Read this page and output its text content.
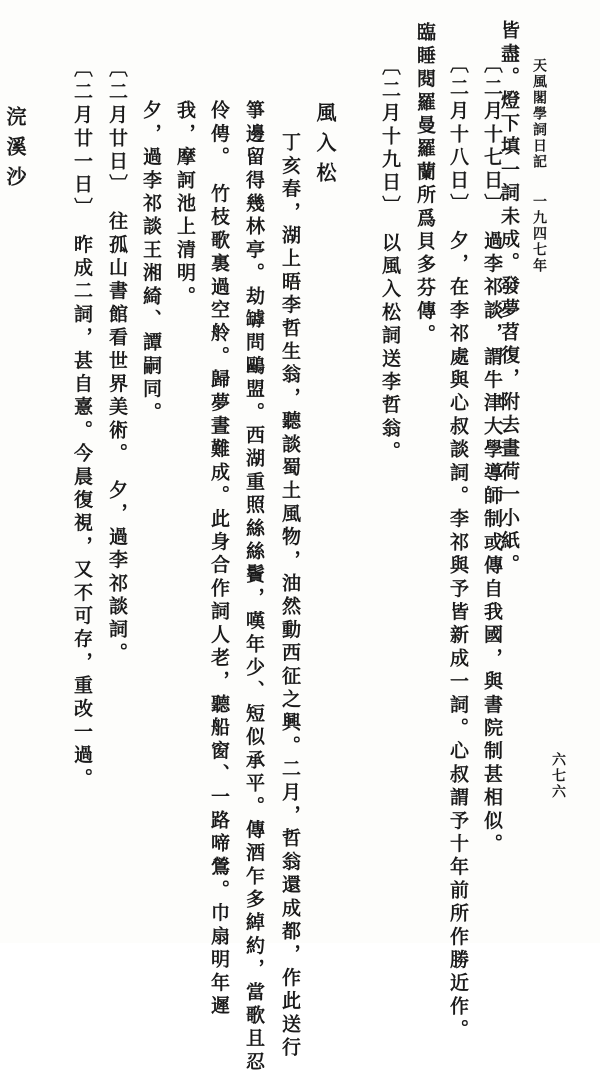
天風閣學詞日記
一九四七年
六七六
皆盡。燈下填一詞未成。發夢苕復，附去畫荷一小紙。
〔二月十七日〕　過李祁談，謂牛津大學導師制或傳自我國，與書院制甚相似。
〔二月十八日〕　夕，在李祁處與心叔談詞。李祁與予皆新成一詞。心叔謂予十年前所作勝近作。
臨睡閱羅曼羅蘭所爲貝多芬傳。
〔二月十九日〕　以風入松詞送李哲翁。
風入松
丁亥春，湖上晤李哲生翁，聽談蜀土風物，油然動西征之興。二月，哲翁還成都，作此送行
箏邊留得幾林亭。劫罅問鷗盟。西湖重照絲絲鬢，嘆年少、短似承平。傳酒乍多綽約，當歌且忍
伶俜。　竹枝歌裏過空舲。歸夢晝難成。此身合作詞人老，聽船窗、一路啼鶯。巾扇明年遲
我，摩訶池上清明。
夕，過李祁談王湘綺、譚嗣同。
〔二月廿日〕　往孤山書館看世界美術。　夕，過李祁談詞。
〔二月廿一日〕　昨成二詞，甚自憙。今晨復視，又不可存，重改一過。
浣溪沙
